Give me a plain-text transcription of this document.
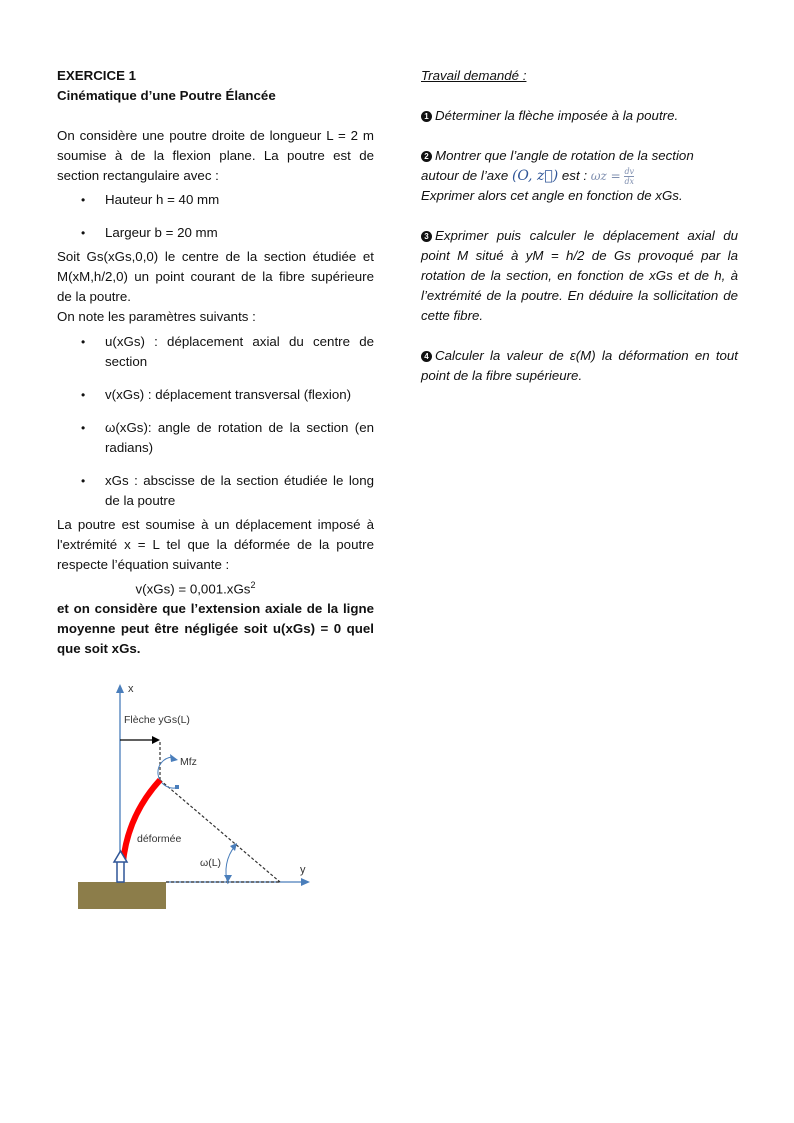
EXERCICE 1

Cinématique d’une Poutre Élancée

On considère une poutre droite de longueur L = 2 m soumise à de la flexion plane. La poutre est de section rectangulaire avec :

• Hauteur h = 40 mm
• Largeur b = 20 mm

Soit Gs(xGs,0,0) le centre de la section étudiée et M(xM,h/2,0) un point courant de la fibre supérieure de la poutre.

On note les paramètres suivants :

• u(xGs) : déplacement axial du centre de section
• v(xGs) : déplacement transversal (flexion)
• ω(xGs): angle de rotation de la section (en radians)
• xGs : abscisse de la section étudiée le long de la poutre

La poutre est soumise à un déplacement imposé à l'extrémité x = L tel que la déformée de la poutre respecte l’équation suivante :

v(xGs) = 0,001.xGs$^2$

et on considère que l’extension axiale de la ligne moyenne peut être négligée soit u(xGs) = 0 quel que soit xGs.

x
y
Flèche yGs(L)
Mfz
déformée
ω(L)

Travail demandé :

1 Déterminer la flèche imposée à la poutre.

2 Montrer que l’angle de rotation de la section
autour de l’axe (O, z⃗) est : $\omega z = \frac{dv}{dx}$

Exprimer alors cet angle en fonction de xGs.

3 Exprimer puis calculer le déplacement axial du point M situé à yM = h/2 de Gs provoqué par la rotation de la section, en fonction de xGs et de h, à l’extrémité de la poutre. En déduire la sollicitation de cette fibre.

4 Calculer la valeur de ε(M) la déformation en tout point de la fibre supérieure.
